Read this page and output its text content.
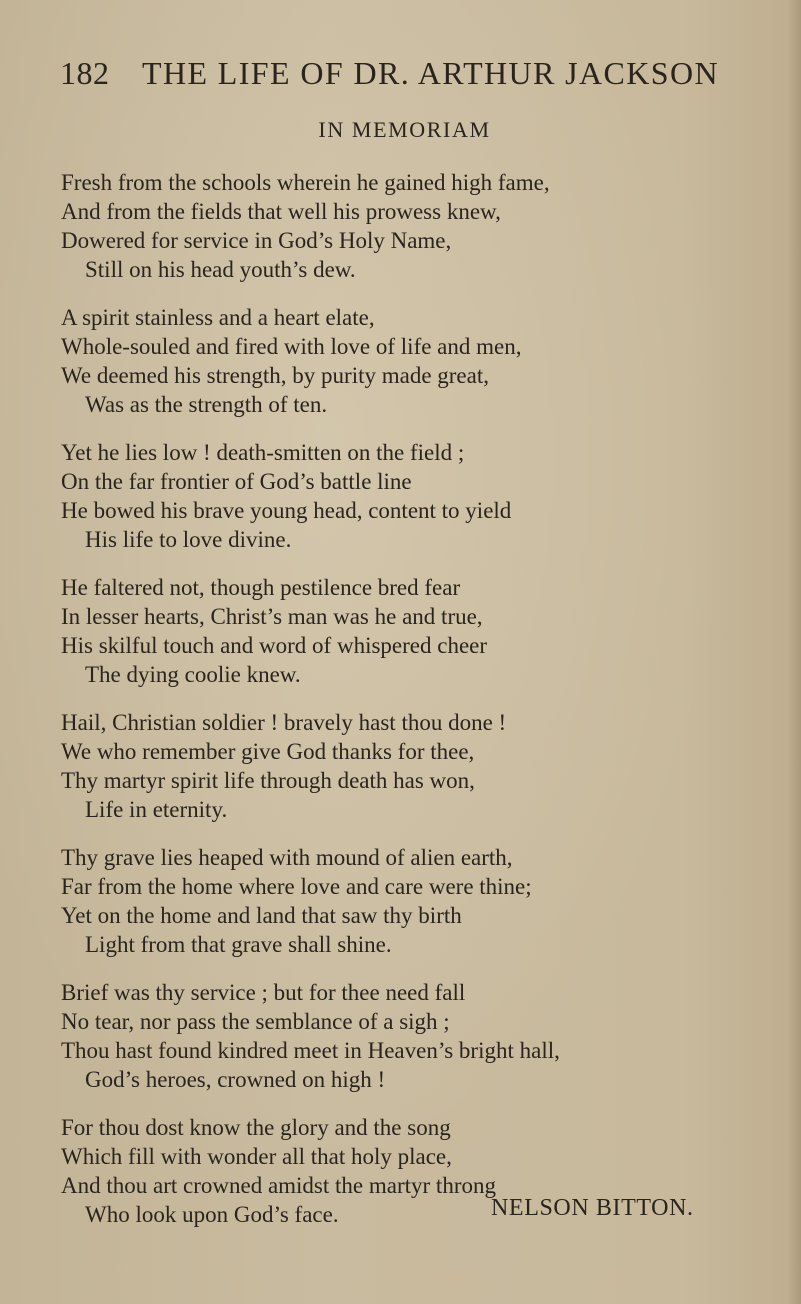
182 THE LIFE OF DR. ARTHUR JACKSON
IN MEMORIAM
Fresh from the schools wherein he gained high fame,
And from the fields that well his prowess knew,
Dowered for service in God’s Holy Name,
Still on his head youth’s dew.
A spirit stainless and a heart elate,
Whole-souled and fired with love of life and men,
We deemed his strength, by purity made great,
Was as the strength of ten.
Yet he lies low ! death-smitten on the field ;
On the far frontier of God’s battle line
He bowed his brave young head, content to yield
His life to love divine.
He faltered not, though pestilence bred fear
In lesser hearts, Christ’s man was he and true,
His skilful touch and word of whispered cheer
The dying coolie knew.
Hail, Christian soldier ! bravely hast thou done !
We who remember give God thanks for thee,
Thy martyr spirit life through death has won,
Life in eternity.
Thy grave lies heaped with mound of alien earth,
Far from the home where love and care were thine;
Yet on the home and land that saw thy birth
Light from that grave shall shine.
Brief was thy service ; but for thee need fall
No tear, nor pass the semblance of a sigh ;
Thou hast found kindred meet in Heaven’s bright hall,
God’s heroes, crowned on high !
For thou dost know the glory and the song
Which fill with wonder all that holy place,
And thou art crowned amidst the martyr throng
Who look upon God’s face.	NELSON BITTON.
